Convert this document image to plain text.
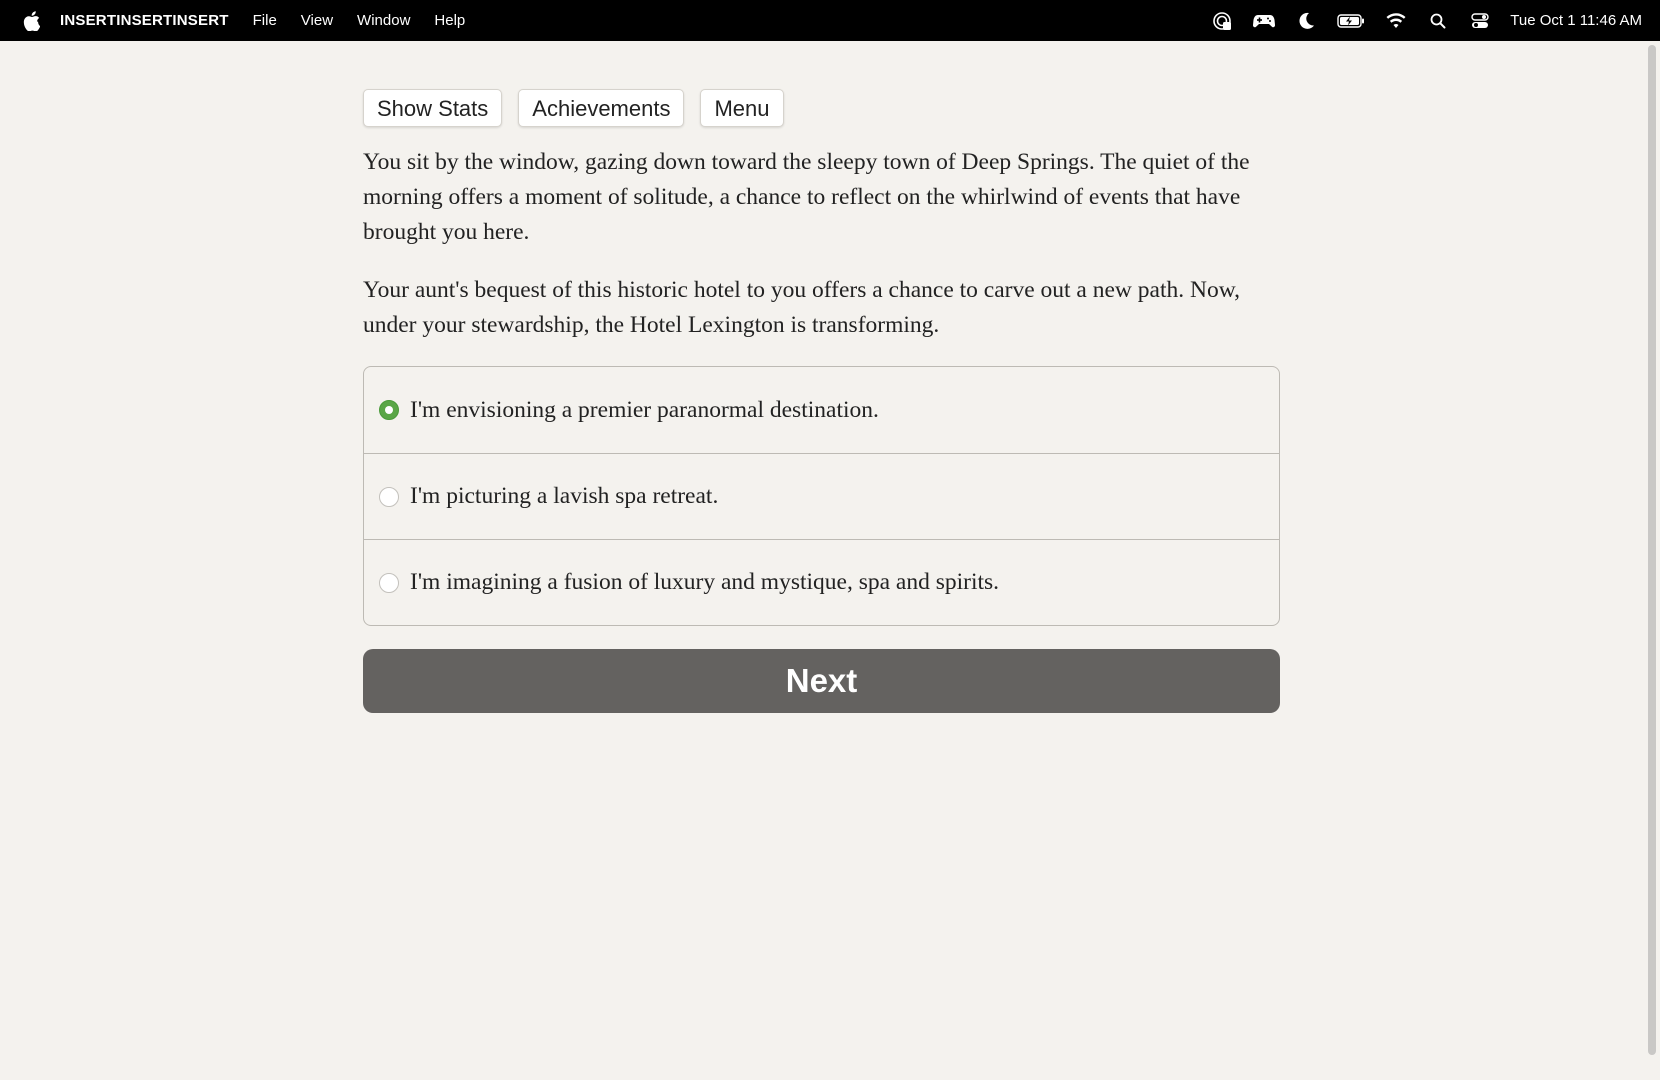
INSERTINSERTINSERT File View Window Help	Tue Oct 1 11:46 AM
Show Stats	Achievements	Menu

You sit by the window, gazing down toward the sleepy town of Deep Springs. The quiet of the morning offers a moment of solitude, a chance to reflect on the whirlwind of events that have brought you here.

Your aunt's bequest of this historic hotel to you offers a chance to carve out a new path. Now, under your stewardship, the Hotel Lexington is transforming.

I'm envisioning a premier paranormal destination.
I'm picturing a lavish spa retreat.
I'm imagining a fusion of luxury and mystique, spa and spirits.
Next
